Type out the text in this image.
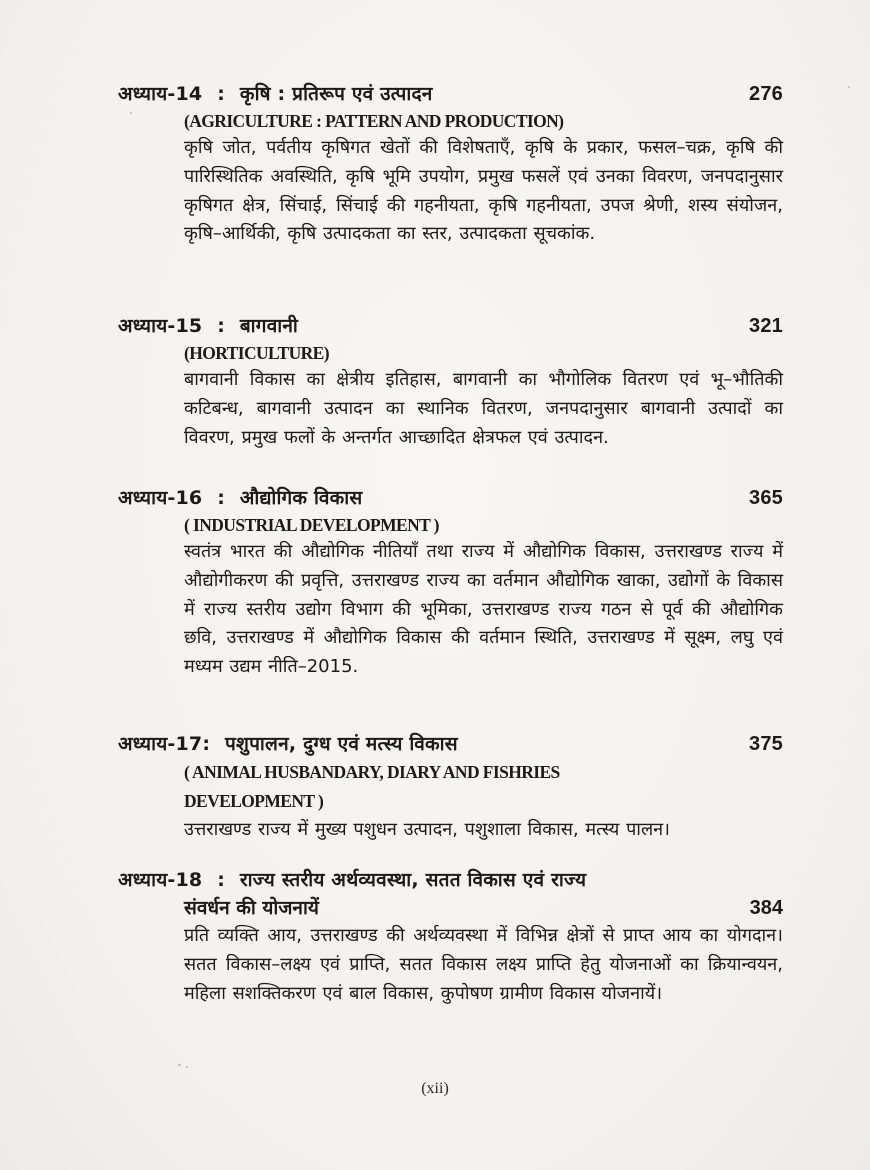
अध्याय-14 : कृषि : प्रतिरूप एवं उत्पादन	276
(AGRICULTURE : PATTERN AND PRODUCTION)
कृषि जोत, पर्वतीय कृषिगत खेतों की विशेषताएँ, कृषि के प्रकार, फसल–चक्र, कृषि की पारिस्थितिक अवस्थिति, कृषि भूमि उपयोग, प्रमुख फसलें एवं उनका विवरण, जनपदानुसार कृषिगत क्षेत्र, सिंचाई, सिंचाई की गहनीयता, कृषि गहनीयता, उपज श्रेणी, शस्य संयोजन, कृषि–आर्थिकी, कृषि उत्पादकता का स्तर, उत्पादकता सूचकांक.
अध्याय-15 : बागवानी	321
(HORTICULTURE)
बागवानी विकास का क्षेत्रीय इतिहास, बागवानी का भौगोलिक वितरण एवं भू–भौतिकी कटिबन्ध, बागवानी उत्पादन का स्थानिक वितरण, जनपदानुसार बागवानी उत्पादों का विवरण, प्रमुख फलों के अन्तर्गत आच्छादित क्षेत्रफल एवं उत्पादन.
अध्याय-16 : औद्योगिक विकास	365
( INDUSTRIAL DEVELOPMENT )
स्वतंत्र भारत की औद्योगिक नीतियाँ तथा राज्य में औद्योगिक विकास, उत्तराखण्ड राज्य में औद्योगीकरण की प्रवृत्ति, उत्तराखण्ड राज्य का वर्तमान औद्योगिक खाका, उद्योगों के विकास में राज्य स्तरीय उद्योग विभाग की भूमिका, उत्तराखण्ड राज्य गठन से पूर्व की औद्योगिक छवि, उत्तराखण्ड में औद्योगिक विकास की वर्तमान स्थिति, उत्तराखण्ड में सूक्ष्म, लघु एवं मध्यम उद्यम नीति–2015.
अध्याय-17: पशुपालन, दुग्ध एवं मत्स्य विकास	375
( ANIMAL HUSBANDARY, DIARY AND FISHRIES
DEVELOPMENT )
उत्तराखण्ड राज्य में मुख्य पशुधन उत्पादन, पशुशाला विकास, मत्स्य पालन।
अध्याय-18 : राज्य स्तरीय अर्थव्यवस्था, सतत विकास एवं राज्य
संवर्धन की योजनायें	384
प्रति व्यक्ति आय, उत्तराखण्ड की अर्थव्यवस्था में विभिन्न क्षेत्रों से प्राप्त आय का योगदान। सतत विकास–लक्ष्य एवं प्राप्ति, सतत विकास लक्ष्य प्राप्ति हेतु योजनाओं का क्रियान्वयन, महिला सशक्तिकरण एवं बाल विकास, कुपोषण ग्रामीण विकास योजनायें।
(xii)
